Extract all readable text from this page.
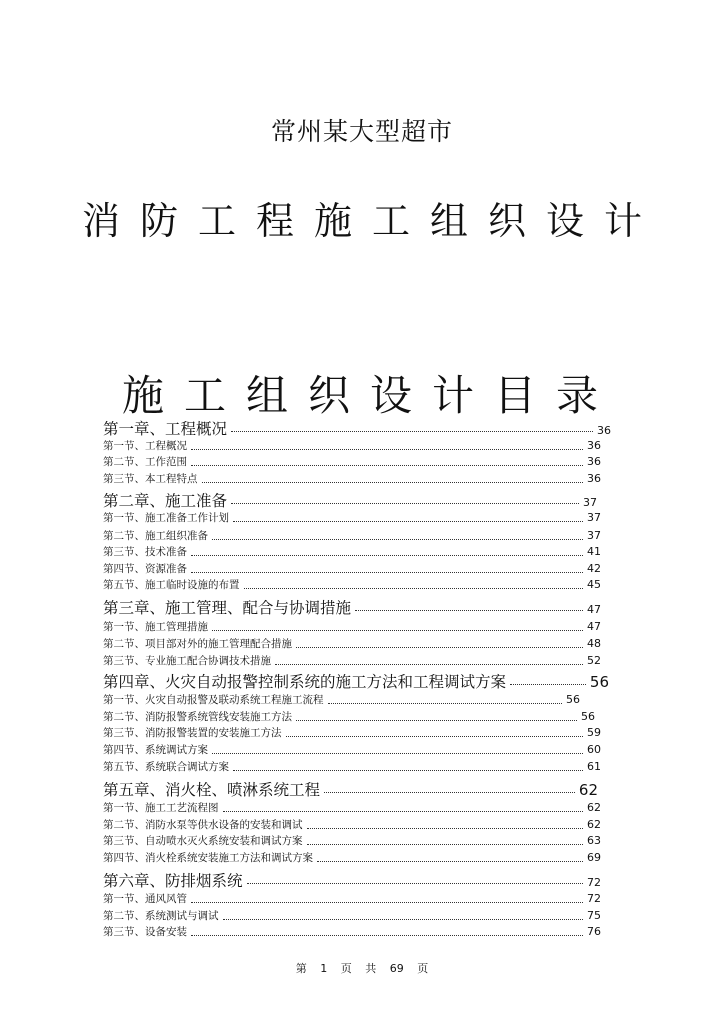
常州某大型超市
消防工程施工组织设计
施工组织设计目录
第一章、工程概况	36
第一节、工程概况	36
第二节、工作范围	36
第三节、本工程特点	36
第二章、施工准备	37
第一节、施工准备工作计划	37
第二节、施工组织准备	37
第三节、技术准备	41
第四节、资源准备	42
第五节、施工临时设施的布置	45
第三章、施工管理、配合与协调措施	47
第一节、施工管理措施	47
第二节、项目部对外的施工管理配合措施	48
第三节、专业施工配合协调技术措施	52
第四章、火灾自动报警控制系统的施工方法和工程调试方案	56
第一节、火灾自动报警及联动系统工程施工流程	56
第二节、消防报警系统管线安装施工方法	56
第三节、消防报警装置的安装施工方法	59
第四节、系统调试方案	60
第五节、系统联合调试方案	61
第五章、消火栓、喷淋系统工程	62
第一节、施工工艺流程图	62
第二节、消防水泵等供水设备的安装和调试	62
第三节、自动喷水灭火系统安装和调试方案	63
第四节、消火栓系统安装施工方法和调试方案	69
第六章、防排烟系统	72
第一节、通风风管	72
第二节、系统测试与调试	75
第三节、设备安装	76
第 1 页 共 69 页
